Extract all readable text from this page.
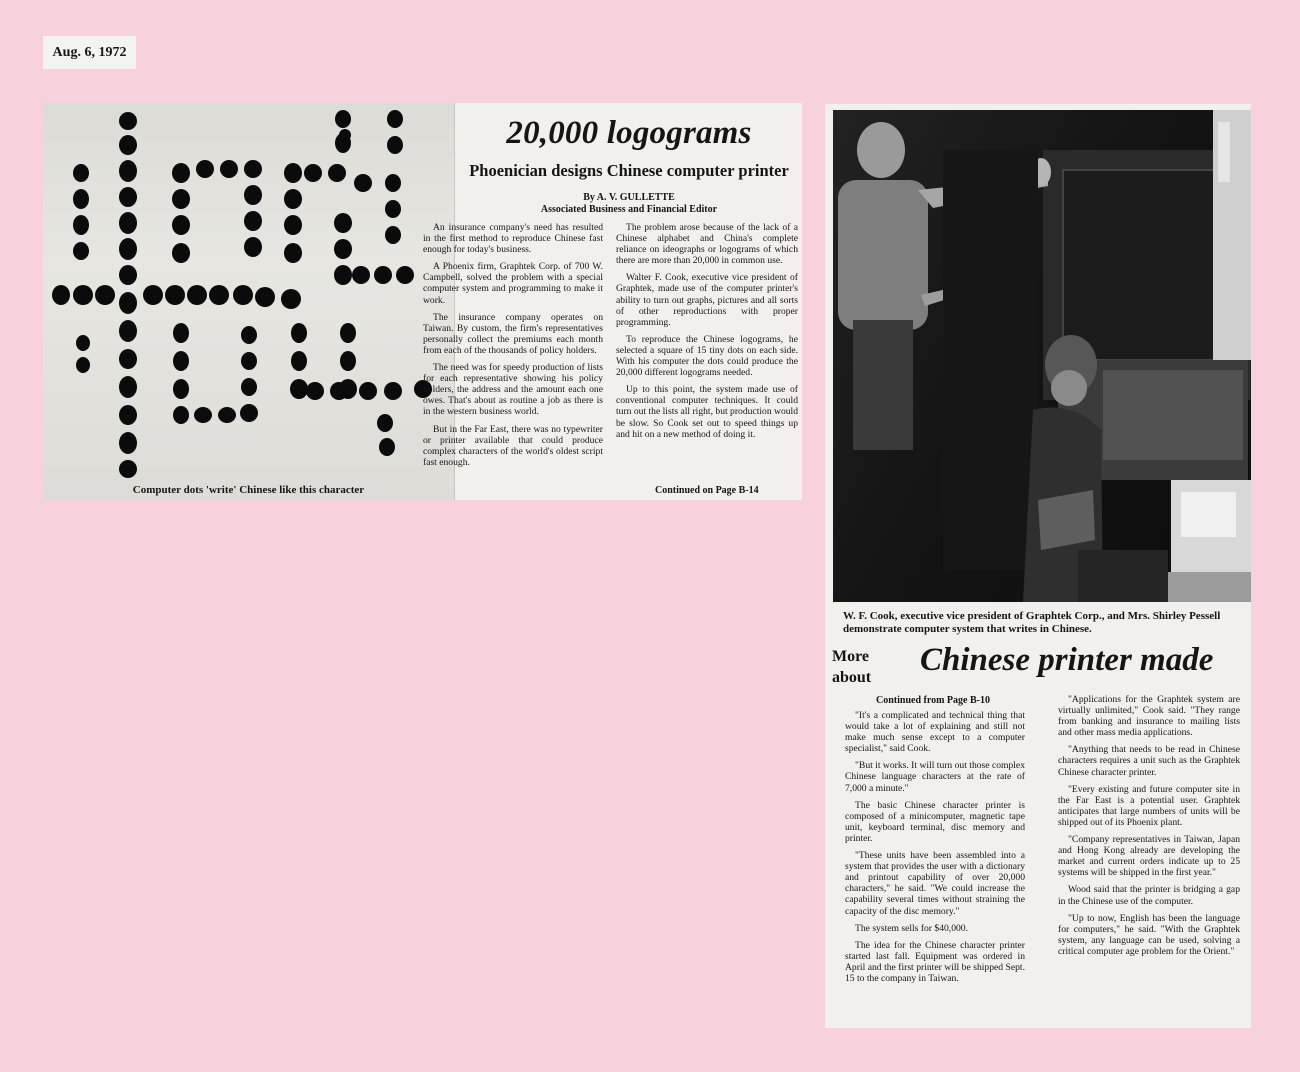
Aug. 6, 1972
Computer dots 'write' Chinese like this character
20,000 logograms
Phoenician designs Chinese computer printer
By A. V. GULLETTE
Associated Business and Financial Editor

An insurance company's need has resulted in the first method to reproduce Chinese fast enough for today's business.

A Phoenix firm, Graphtek Corp. of 700 W. Campbell, solved the problem with a special computer system and programming to make it work.

The insurance company operates on Taiwan. By custom, the firm's representatives personally collect the premiums each month from each of the thousands of policy holders.

The need was for speedy production of lists for each representative showing his policy holders, the address and the amount each one owes. That's about as routine a job as there is in the western business world.

But in the Far East, there was no typewriter or printer available that could produce complex characters of the world's oldest script fast enough.

The problem arose because of the lack of a Chinese alphabet and China's complete reliance on ideographs or logograms of which there are more than 20,000 in common use.

Walter F. Cook, executive vice president of Graphtek, made use of the computer printer's ability to turn out graphs, pictures and all sorts of other reproductions with proper programming.

To reproduce the Chinese logograms, he selected a square of 15 tiny dots on each side. With his computer the dots could produce the 20,000 different logograms needed.

Up to this point, the system made use of conventional computer techniques. It could turn out the lists all right, but production would be slow. So Cook set out to speed things up and hit on a new method of doing it.

Continued on Page B-14
W. F. Cook, executive vice president of Graphtek Corp., and Mrs. Shirley Pessell demonstrate computer system that writes in Chinese.
More about	Chinese printer made
Continued from Page B-10

"It's a complicated and technical thing that would take a lot of explaining and still not make much sense except to a computer specialist," said Cook.

"But it works. It will turn out those complex Chinese language characters at the rate of 7,000 a minute."

The basic Chinese character printer is composed of a minicomputer, magnetic tape unit, keyboard terminal, disc memory and printer.

"These units have been assembled into a system that provides the user with a dictionary and printout capability of over 20,000 characters," he said. "We could increase the capability several times without straining the capacity of the disc memory."

The system sells for $40,000.

The idea for the Chinese character printer started last fall. Equipment was ordered in April and the first printer will be shipped Sept. 15 to the company in Taiwan.

"Applications for the Graphtek system are virtually unlimited," Cook said. "They range from banking and insurance to mailing lists and other mass media applications.

"Anything that needs to be read in Chinese characters requires a unit such as the Graphtek Chinese character printer.

"Every existing and future computer site in the Far East is a potential user. Graphtek anticipates that large numbers of units will be shipped out of its Phoenix plant.

"Company representatives in Taiwan, Japan and Hong Kong already are developing the market and current orders indicate up to 25 systems will be shipped in the first year."

Wood said that the printer is bridging a gap in the Chinese use of the computer.

"Up to now, English has been the language for computers," he said. "With the Graphtek system, any language can be used, solving a critical computer age problem for the Orient."
